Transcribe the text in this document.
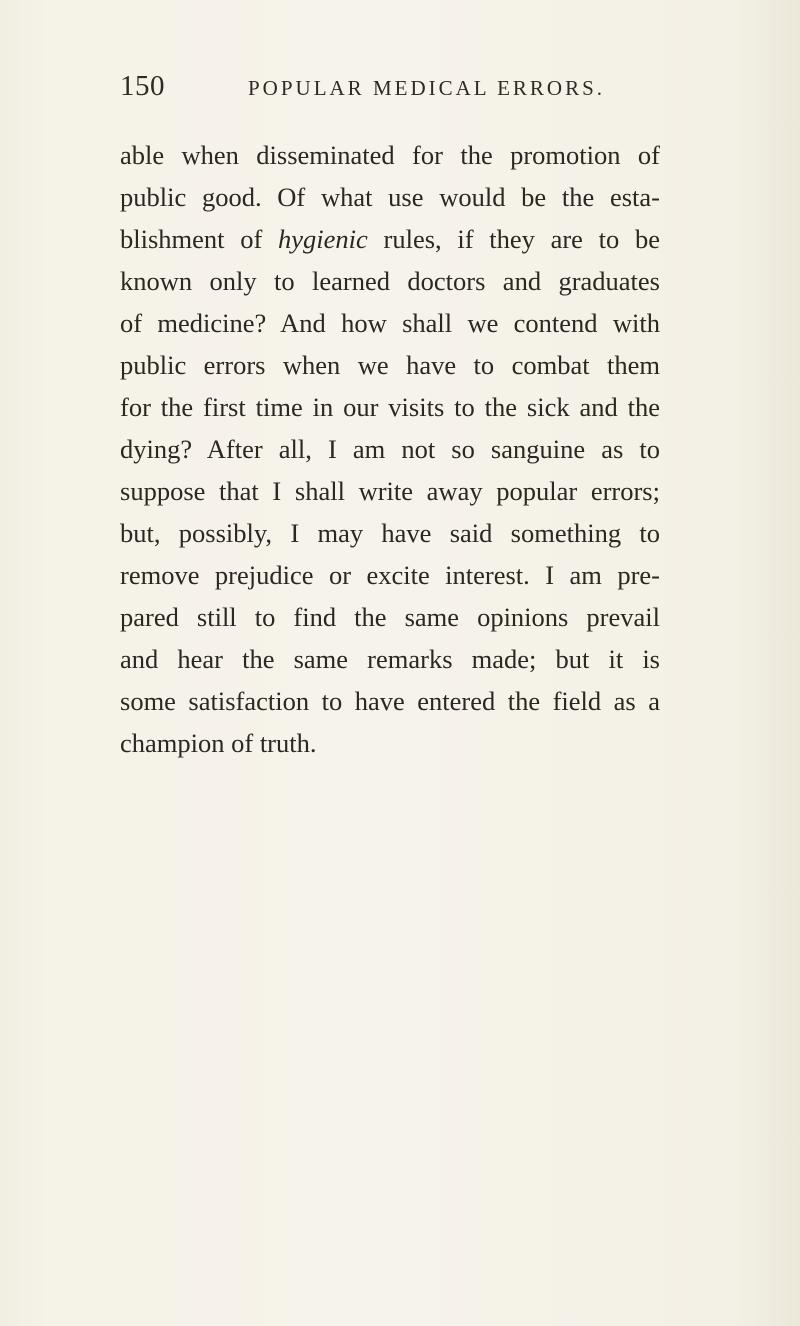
150	POPULAR MEDICAL ERRORS.
able when disseminated for the promotion of
public good. Of what use would be the esta-
blishment of hygienic rules, if they are to be
known only to learned doctors and graduates
of medicine? And how shall we contend with
public errors when we have to combat them
for the first time in our visits to the sick and the
dying? After all, I am not so sanguine as to
suppose that I shall write away popular errors;
but, possibly, I may have said something to
remove prejudice or excite interest. I am pre-
pared still to find the same opinions prevail
and hear the same remarks made; but it is
some satisfaction to have entered the field as a
champion of truth.
